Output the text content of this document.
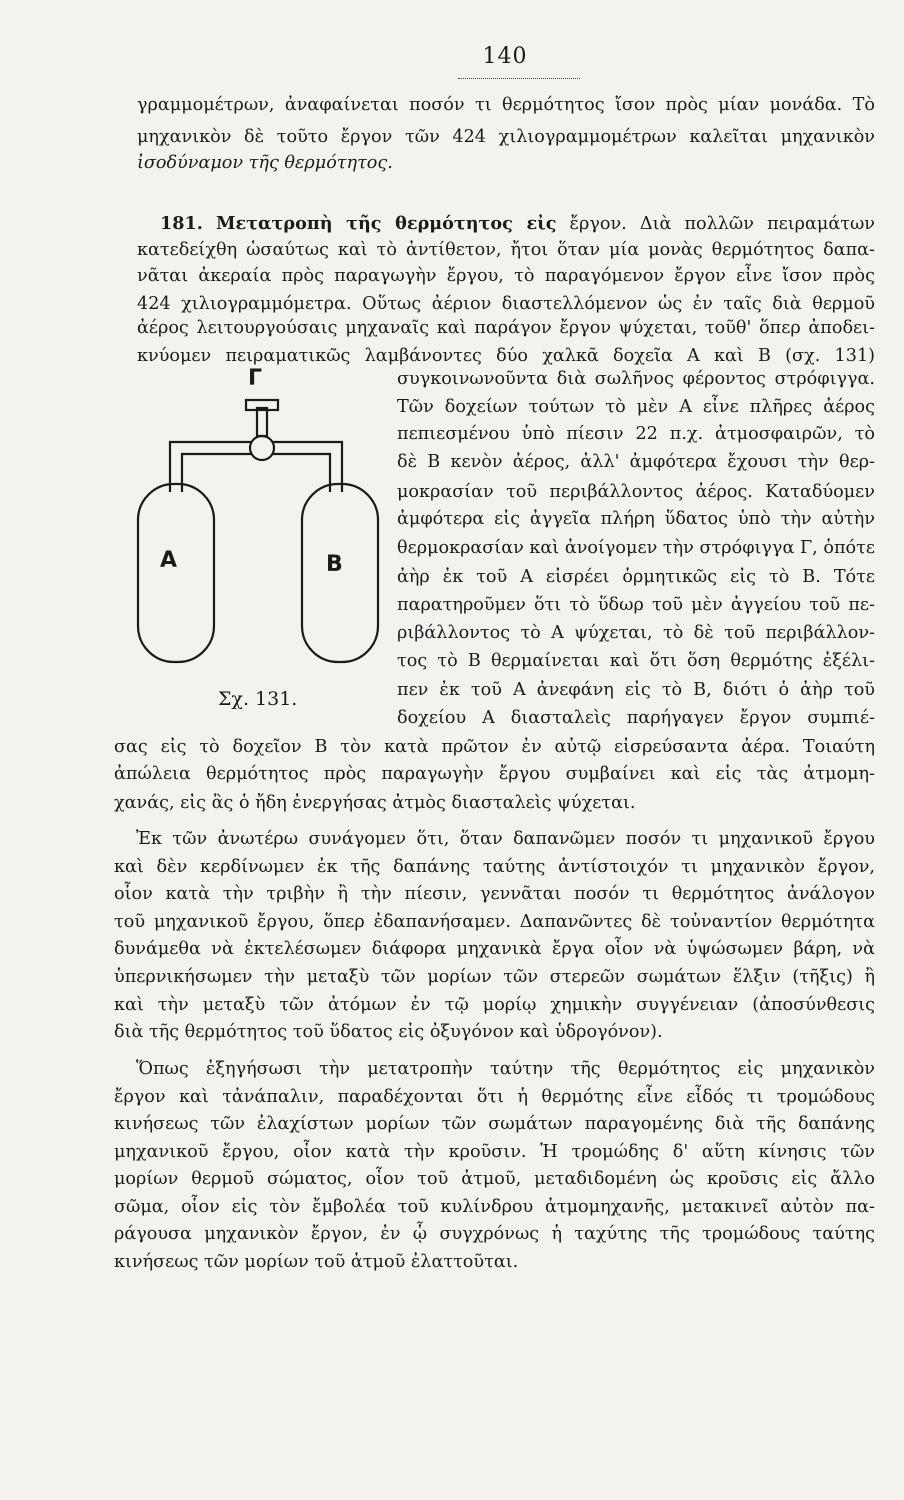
140
γραμμομέτρων, ἀναφαίνεται ποσόν τι θερμότητος ἴσον πρὸς μίαν μονάδα. Τὸ
μηχανικὸν δὲ τοῦτο ἔργον τῶν 424 χιλιογραμμομέτρων καλεῖται μηχανικὸν
ἰσοδύναμον τῆς θερμότητος.
181. Μετατροπὴ τῆς θερμότητος εἰς ἔργον. Διὰ πολλῶν πειραμάτων
κατεδείχθη ὡσαύτως καὶ τὸ ἀντίθετον, ἤτοι ὅταν μία μονὰς θερμότητος δαπα-
νᾶται ἀκεραία πρὸς παραγωγὴν ἔργου, τὸ παραγόμενον ἔργον εἶνε ἴσον πρὸς
424 χιλιογραμμόμετρα. Οὕτως ἀέριον διαστελλόμενον ὡς ἐν ταῖς διὰ θερμοῦ
ἀέρος λειτουργούσαις μηχαναῖς καὶ παράγον ἔργον ψύχεται, τοῦθ' ὅπερ ἀποδει-
κνύομεν πειραματικῶς λαμβάνοντες δύο χαλκᾶ δοχεῖα Α καὶ Β (σχ. 131)
Γ
Α	Β
Σχ. 131.
συγκοινωνοῦντα διὰ σωλῆνος φέροντος στρόφιγγα.
Τῶν δοχείων τούτων τὸ μὲν Α εἶνε πλῆρες ἀέρος
πεπιεσμένου ὑπὸ πίεσιν 22 π.χ. ἀτμοσφαιρῶν, τὸ
δὲ Β κενὸν ἀέρος, ἀλλ' ἀμφότερα ἔχουσι τὴν θερ-
μοκρασίαν τοῦ περιβάλλοντος ἀέρος. Καταδύομεν
ἀμφότερα εἰς ἀγγεῖα πλήρη ὕδατος ὑπὸ τὴν αὐτὴν
θερμοκρασίαν καὶ ἀνοίγομεν τὴν στρόφιγγα Γ, ὁπότε
ἀὴρ ἐκ τοῦ Α εἰσρέει ὁρμητικῶς εἰς τὸ Β. Τότε
παρατηροῦμεν ὅτι τὸ ὕδωρ τοῦ μὲν ἀγγείου τοῦ πε-
ριβάλλοντος τὸ Α ψύχεται, τὸ δὲ τοῦ περιβάλλον-
τος τὸ Β θερμαίνεται καὶ ὅτι ὅση θερμότης ἐξέλι-
πεν ἐκ τοῦ Α ἀνεφάνη εἰς τὸ Β, διότι ὁ ἀὴρ τοῦ
δοχείου Α διασταλεὶς παρήγαγεν ἔργον συμπιέ-
σας εἰς τὸ δοχεῖον Β τὸν κατὰ πρῶτον ἐν αὐτῷ εἰσρεύσαντα ἀέρα. Τοιαύτη
ἀπώλεια θερμότητος πρὸς παραγωγὴν ἔργου συμβαίνει καὶ εἰς τὰς ἀτμομη-
χανάς, εἰς ἃς ὁ ἤδη ἐνεργήσας ἀτμὸς διασταλεὶς ψύχεται.
Ἐκ τῶν ἀνωτέρω συνάγομεν ὅτι, ὅταν δαπανῶμεν ποσόν τι μηχανικοῦ ἔργου
καὶ δὲν κερδίνωμεν ἐκ τῆς δαπάνης ταύτης ἀντίστοιχόν τι μηχανικὸν ἔργον,
οἷον κατὰ τὴν τριβὴν ἢ τὴν πίεσιν, γεννᾶται ποσόν τι θερμότητος ἀνάλογον
τοῦ μηχανικοῦ ἔργου, ὅπερ ἐδαπανήσαμεν. Δαπανῶντες δὲ τοὐναντίον θερμότητα
δυνάμεθα νὰ ἐκτελέσωμεν διάφορα μηχανικὰ ἔργα οἷον νὰ ὑψώσωμεν βάρη, νὰ
ὑπερνικήσωμεν τὴν μεταξὺ τῶν μορίων τῶν στερεῶν σωμάτων ἕλξιν (τῆξις) ἢ
καὶ τὴν μεταξὺ τῶν ἀτόμων ἐν τῷ μορίῳ χημικὴν συγγένειαν (ἀποσύνθεσις
διὰ τῆς θερμότητος τοῦ ὕδατος εἰς ὀξυγόνον καὶ ὑδρογόνον).
Ὅπως ἐξηγήσωσι τὴν μετατροπὴν ταύτην τῆς θερμότητος εἰς μηχανικὸν
ἔργον καὶ τἀνάπαλιν, παραδέχονται ὅτι ἡ θερμότης εἶνε εἶδός τι τρομώδους
κινήσεως τῶν ἐλαχίστων μορίων τῶν σωμάτων παραγομένης διὰ τῆς δαπάνης
μηχανικοῦ ἔργου, οἷον κατὰ τὴν κροῦσιν. Ἡ τρομώδης δ' αὕτη κίνησις τῶν
μορίων θερμοῦ σώματος, οἷον τοῦ ἀτμοῦ, μεταδιδομένη ὡς κροῦσις εἰς ἄλλο
σῶμα, οἷον εἰς τὸν ἔμβολέα τοῦ κυλίνδρου ἀτμομηχανῆς, μετακινεῖ αὐτὸν πα-
ράγουσα μηχανικὸν ἔργον, ἐν ᾧ συγχρόνως ἡ ταχύτης τῆς τρομώδους ταύτης
κινήσεως τῶν μορίων τοῦ ἀτμοῦ ἐλαττοῦται.
